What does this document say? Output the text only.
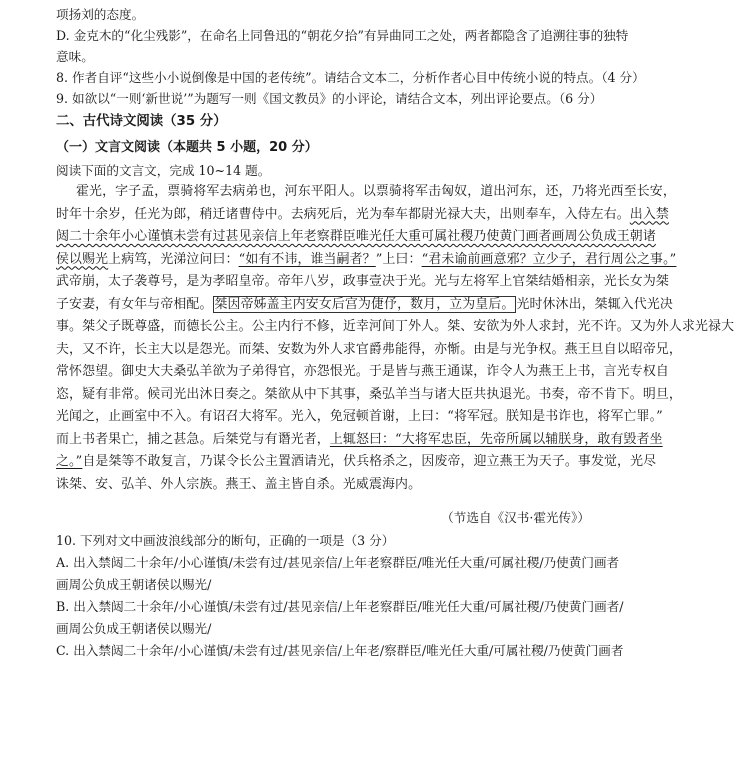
项扬刘的态度。
D. 金克木的“化尘残影”，在命名上同鲁迅的“朝花夕拾”有异曲同工之处，两者都隐含了追溯往事的独特
意味。
8. 作者自评“这些小小说倒像是中国的老传统”。请结合文本二，分析作者心目中传统小说的特点。（4 分）
9. 如欲以“一则‘新世说’”为题写一则《国文教员》的小评论，请结合文本，列出评论要点。（6 分）
二、古代诗文阅读（35 分）
（一）文言文阅读（本题共 5 小题，20 分）
阅读下面的文言文，完成 10~14 题。
霍光，字子孟，票骑将军去病弟也，河东平阳人。以票骑将军击匈奴，道出河东，还，乃将光西至长安，
时年十余岁，任光为郎，稍迁诸曹侍中。去病死后，光为奉车都尉光禄大夫，出则奉车，入侍左右。出入禁
闼二十余年小心谨慎未尝有过甚见亲信上年老察群臣唯光任大重可属社稷乃使黄门画者画周公负成王朝诸
侯以赐光上病笃，光涕泣问曰：“如有不讳，谁当嗣者？”上曰：“君未谕前画意邪？立少子，君行周公之事。”
武帝崩，太子袭尊号，是为孝昭皇帝。帝年八岁，政事壹决于光。光与左将军上官桀结婚相亲，光长女为桀
子安妻，有女年与帝相配。 桀因帝姊盖主内安女后宫为倢伃，数月，立为皇后。 光时休沐出，桀辄入代光决
事。桀父子既尊盛，而德长公主。公主内行不修，近幸河间丁外人。桀、安欲为外人求封，光不许。又为外人求光禄大
夫，又不许，长主大以是怨光。而桀、安数为外人求官爵弗能得，亦惭。由是与光争权。燕王旦自以昭帝兄，
常怀怨望。御史大夫桑弘羊欲为子弟得官，亦怨恨光。于是皆与燕王通谋，诈令人为燕王上书，言光专权自
恣，疑有非常。候司光出沐日奏之。桀欲从中下其事，桑弘羊当与诸大臣共执退光。书奏，帝不肯下。明旦，
光闻之，止画室中不入。有诏召大将军。光入，免冠顿首谢，上曰：“将军冠。朕知是书诈也，将军亡罪。”
而上书者果亡，捕之甚急。后桀党与有谮光者，上辄怒曰：“大将军忠臣，先帝所属以辅朕身，敢有毁者坐
之。”自是桀等不敢复言，乃谋令长公主置酒请光，伏兵格杀之，因废帝，迎立燕王为天子。事发觉，光尽
诛桀、安、弘羊、外人宗族。燕王、盖主皆自杀。光威震海内。
（节选自《汉书·霍光传》）
10. 下列对文中画波浪线部分的断句，正确的一项是（3 分）
A. 出入禁闼二十余年/小心谨慎/未尝有过/甚见亲信/上年老察群臣/唯光任大重/可属社稷/乃使黄门画者
画周公负成王朝诸侯以赐光/
B. 出入禁闼二十余年/小心谨慎/未尝有过/甚见亲信/上年老察群臣/唯光任大重/可属社稷/乃使黄门画者/
画周公负成王朝诸侯以赐光/
C. 出入禁闼二十余年/小心谨慎/未尝有过/甚见亲信/上年老/察群臣/唯光任大重/可属社稷/乃使黄门画者
